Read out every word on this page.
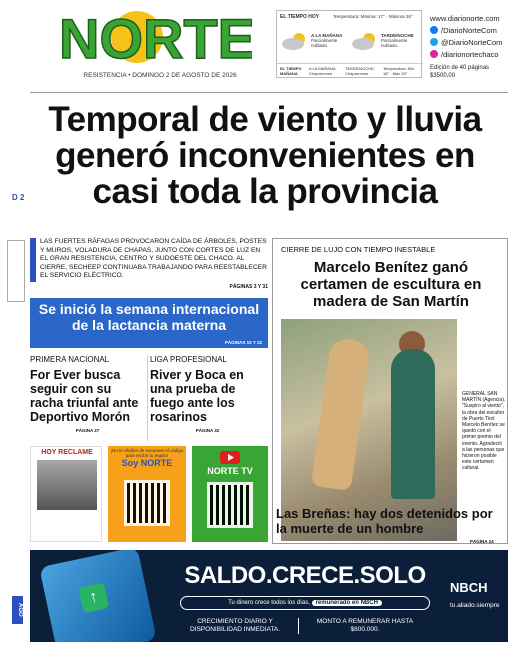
NORTE
RESISTENCIA • DOMINGO 2 DE AGOSTO DE 2026
EL TIEMPO HOY	Temperatura: Mínima: 17° · Máxima 26°
A LA MAÑANA
Parcialmente nublado.
TARDE/NOCHE
Parcialmente nublado.
EL TIEMPO MAÑANA
A LA MAÑANA: Chaparrones
TARDE/NOCHE: Chaparrones
Temperatura: Mín 18° · Máx 25°
www.diarionorte.com
/DiarioNorteCom
@DiarioNorteCom
/diarionortechaco
Edición de 40 páginas
$3500,00
Temporal de viento y lluvia generó inconvenientes en casi toda la provincia
D 2
AGO
LAS FUERTES RÁFAGAS PROVOCARON CAÍDA DE ÁRBOLES, POSTES Y MUROS, VOLADURA DE CHAPAS, JUNTO CON CORTES DE LUZ EN EL GRAN RESISTENCIA, CENTRO Y SUDOESTE DEL CHACO. AL CIERRE, SECHEEP CONTINUABA TRABAJANDO PARA REESTABLECER EL SERVICIO ELÉCTRICO.
PÁGINAS 3 Y 31
Se inició la semana internacional de la lactancia materna
PÁGINAS 10 Y 22
PRIMERA NACIONAL
For Ever busca seguir con su racha triunfal ante Deportivo Morón
PÁGINA 27
LIGA PROFESIONAL
River y Boca en una prueba de fuego ante los rosarinos
PÁGINA 32
HOY RECLAME	¡No te olvides de escanear el código para recibir tu regalo!
Soy NORTE
NORTE TV
CIERRE DE LUJO CON TIEMPO INESTABLE
Marcelo Benítez ganó certamen de escultura en madera de San Martín
GENERAL SAN MARTÍN (Agencia). "Suspiro al viento", la obra del escultor de Puerto Tirol Marcelo Benítez se quedó con el primer premio del evento. Agradeció a las personas que hicieron posible este certamen cultural.
Las Breñas: hay dos detenidos por la muerte de un hombre
PÁGINA 24
↑
SALDO.CRECE.SOLO
Tu dinero crece todos los días, remunerado en NBCH
CRECIMIENTO DIARIO Y DISPONIBILIDAD INMEDIATA.
MONTO A REMUNERAR HASTA $800.000.
NBCH
tu.aliado.siempre
